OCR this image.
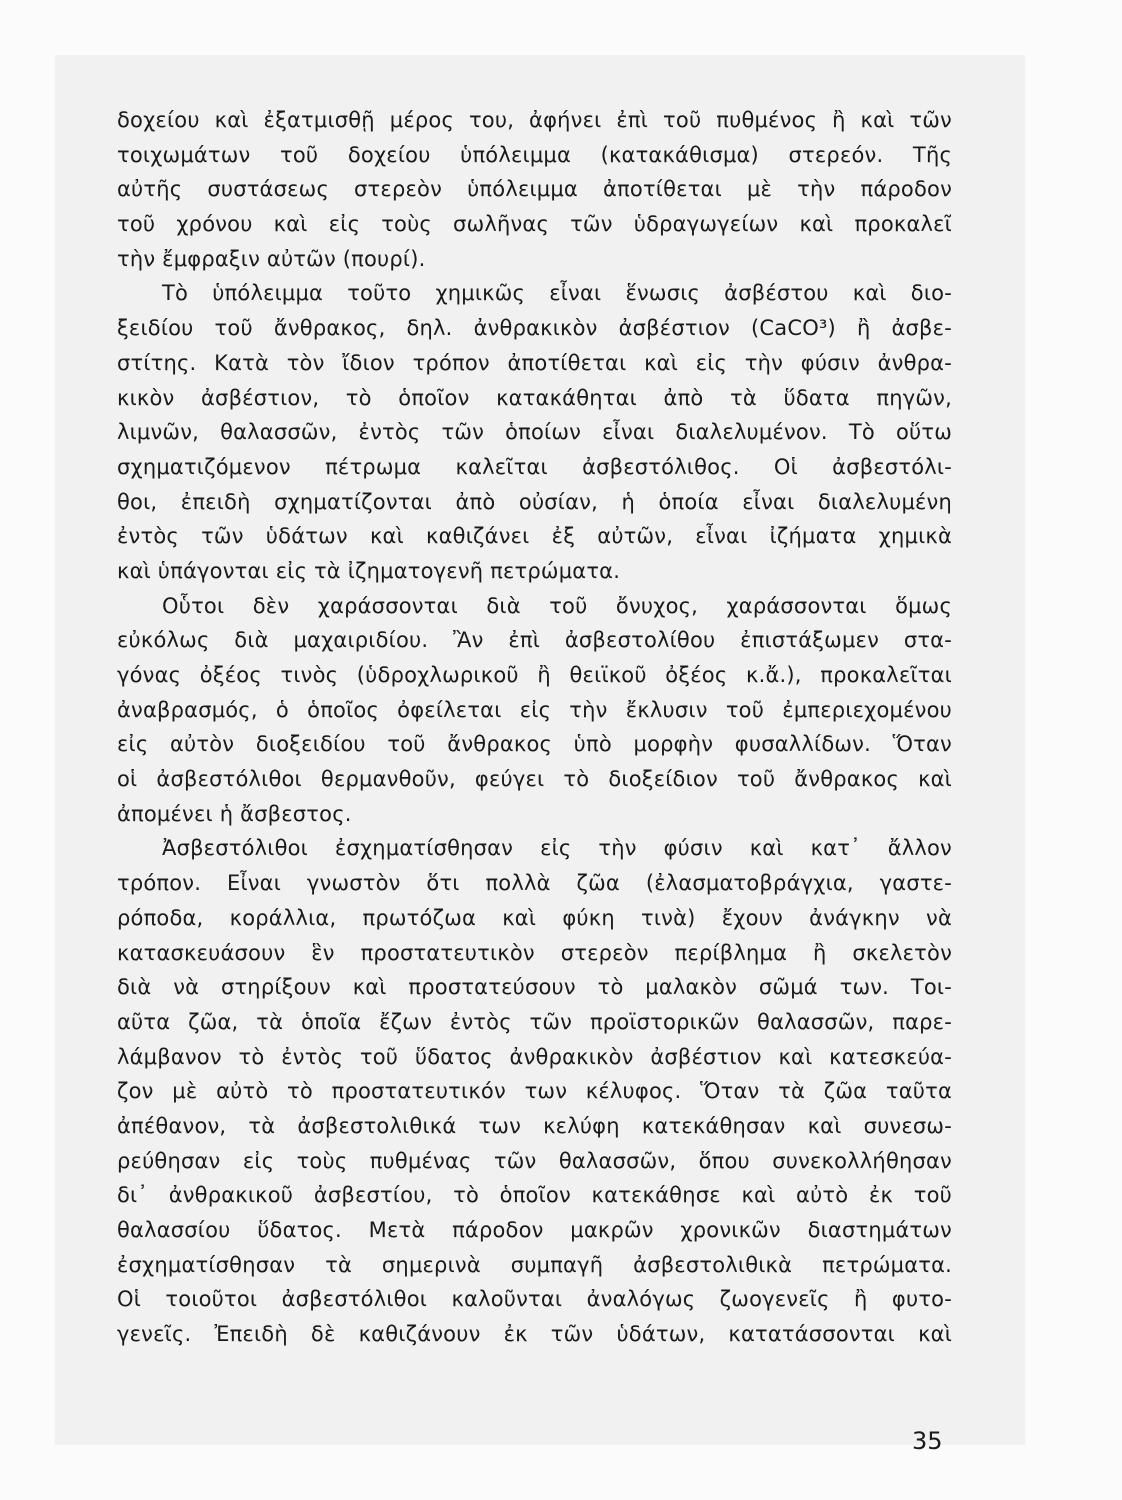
δοχείου καὶ ἐξατμισθῇ μέρος του, ἀφήνει ἐπὶ τοῦ πυθμένος ἢ καὶ τῶν
τοιχωμάτων τοῦ δοχείου ὑπόλειμμα (κατακάθισμα) στερεόν. Τῆς
αὐτῆς συστάσεως στερεὸν ὑπόλειμμα ἀποτίθεται μὲ τὴν πάροδον
τοῦ χρόνου καὶ εἰς τοὺς σωλῆνας τῶν ὑδραγωγείων καὶ προκαλεῖ
τὴν ἔμφραξιν αὐτῶν (πουρί).
Τὸ ὑπόλειμμα τοῦτο χημικῶς εἶναι ἕνωσις ἀσβέστου καὶ διο-
ξειδίου τοῦ ἄνθρακος, δηλ. ἀνθρακικὸν ἀσβέστιον (CaCO³) ἢ ἀσβε-
στίτης. Κατὰ τὸν ἴδιον τρόπον ἀποτίθεται καὶ εἰς τὴν φύσιν ἀνθρα-
κικὸν ἀσβέστιον, τὸ ὁποῖον κατακάθηται ἀπὸ τὰ ὕδατα πηγῶν,
λιμνῶν, θαλασσῶν, ἐντὸς τῶν ὁποίων εἶναι διαλελυμένον. Τὸ οὕτω
σχηματιζόμενον πέτρωμα καλεῖται ἀσβεστόλιθος. Οἱ ἀσβεστόλι-
θοι, ἐπειδὴ σχηματίζονται ἀπὸ οὐσίαν, ἡ ὁποία εἶναι διαλελυμένη
ἐντὸς τῶν ὑδάτων καὶ καθιζάνει ἐξ αὐτῶν, εἶναι ἰζήματα χημικὰ
καὶ ὑπάγονται εἰς τὰ ἰζηματογενῆ πετρώματα.
Οὗτοι δὲν χαράσσονται διὰ τοῦ ὄνυχος, χαράσσονται ὅμως
εὐκόλως διὰ μαχαιριδίου. Ἂν ἐπὶ ἀσβεστολίθου ἐπιστάξωμεν στα-
γόνας ὀξέος τινὸς (ὑδροχλωρικοῦ ἢ θειϊκοῦ ὀξέος κ.ἄ.), προκαλεῖται
ἀναβρασμός, ὁ ὁποῖος ὀφείλεται εἰς τὴν ἔκλυσιν τοῦ ἐμπεριεχομένου
εἰς αὐτὸν διοξειδίου τοῦ ἄνθρακος ὑπὸ μορφὴν φυσαλλίδων. Ὅταν
οἱ ἀσβεστόλιθοι θερμανθοῦν, φεύγει τὸ διοξείδιον τοῦ ἄνθρακος καὶ
ἀπομένει ἡ ἄσβεστος.
Ἀσβεστόλιθοι ἐσχηματίσθησαν εἰς τὴν φύσιν καὶ κατ᾿ ἄλλον
τρόπον. Εἶναι γνωστὸν ὅτι πολλὰ ζῶα (ἐλασματοβράγχια, γαστε-
ρόποδα, κοράλλια, πρωτόζωα καὶ φύκη τινὰ) ἔχουν ἀνάγκην νὰ
κατασκευάσουν ἓν προστατευτικὸν στερεὸν περίβλημα ἢ σκελετὸν
διὰ νὰ στηρίξουν καὶ προστατεύσουν τὸ μαλακὸν σῶμά των. Τοι-
αῦτα ζῶα, τὰ ὁποῖα ἔζων ἐντὸς τῶν προϊστορικῶν θαλασσῶν, παρε-
λάμβανον τὸ ἐντὸς τοῦ ὕδατος ἀνθρακικὸν ἀσβέστιον καὶ κατεσκεύα-
ζον μὲ αὐτὸ τὸ προστατευτικόν των κέλυφος. Ὅταν τὰ ζῶα ταῦτα
ἀπέθανον, τὰ ἀσβεστολιθικά των κελύφη κατεκάθησαν καὶ συνεσω-
ρεύθησαν εἰς τοὺς πυθμένας τῶν θαλασσῶν, ὅπου συνεκολλήθησαν
δι᾿ ἀνθρακικοῦ ἀσβεστίου, τὸ ὁποῖον κατεκάθησε καὶ αὐτὸ ἐκ τοῦ
θαλασσίου ὕδατος. Μετὰ πάροδον μακρῶν χρονικῶν διαστημάτων
ἐσχηματίσθησαν τὰ σημερινὰ συμπαγῆ ἀσβεστολιθικὰ πετρώματα.
Οἱ τοιοῦτοι ἀσβεστόλιθοι καλοῦνται ἀναλόγως ζωογενεῖς ἢ φυτο-
γενεῖς. Ἐπειδὴ δὲ καθιζάνουν ἐκ τῶν ὑδάτων, κατατάσσονται καὶ
35
